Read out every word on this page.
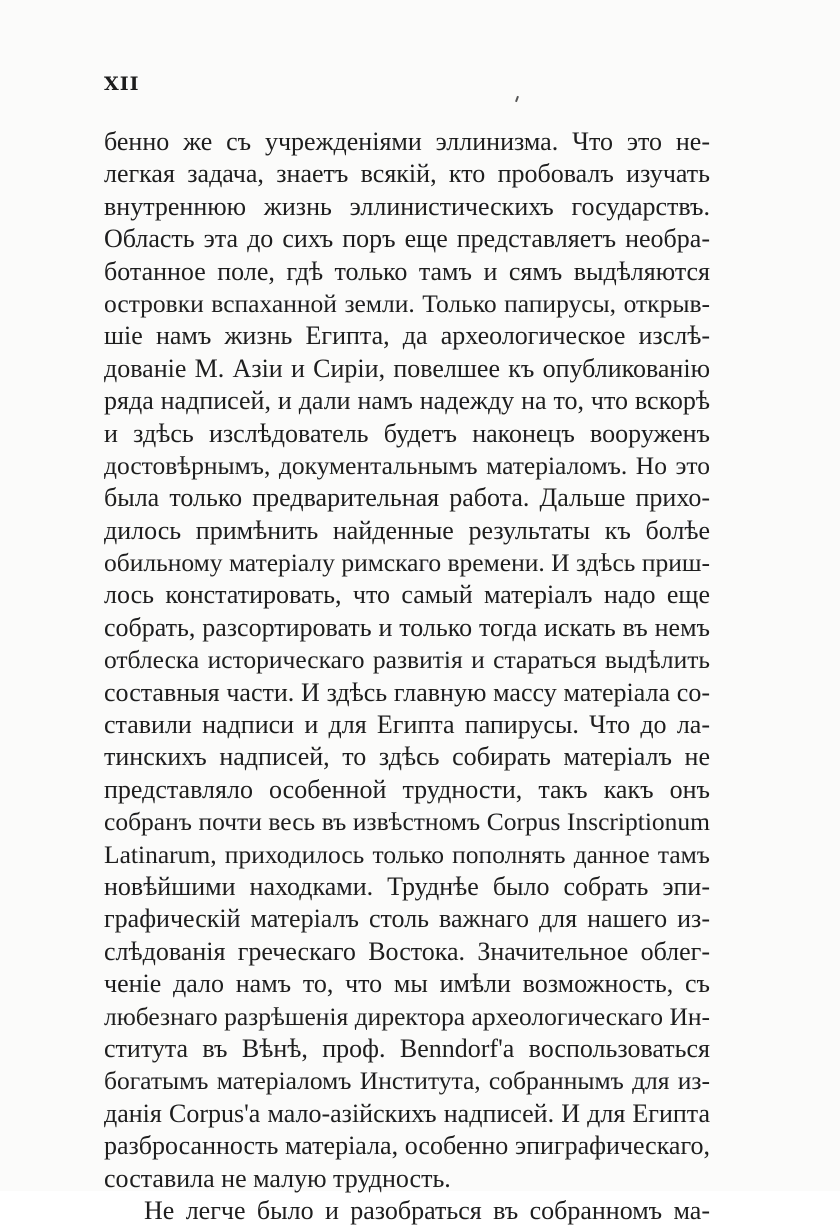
XII
бенно же съ учрежденіями эллинизма. Что это не-
легкая задача, знаетъ всякій, кто пробовалъ изучать
внутреннюю жизнь эллинистическихъ государствъ.
Область эта до сихъ поръ еще представляетъ необра-
ботанное поле, гдѣ только тамъ и сямъ выдѣляются
островки вспаханной земли. Только папирусы, открыв-
шіе намъ жизнь Египта, да археологическое изслѣ-
дованіе М. Азіи и Сиріи, повелшее къ опубликованію
ряда надписей, и дали намъ надежду на то, что вскорѣ
и здѣсь изслѣдователь будетъ наконецъ вооруженъ
достовѣрнымъ, документальнымъ матеріаломъ. Но это
была только предварительная работа. Дальше прихо-
дилось примѣнить найденные результаты къ болѣе
обильному матеріалу римскаго времени. И здѣсь приш-
лось констатировать, что самый матеріалъ надо еще
собрать, разсортировать и только тогда искать въ немъ
отблеска историческаго развитія и стараться выдѣлить
составныя части. И здѣсь главную массу матеріала со-
ставили надписи и для Египта папирусы. Что до ла-
тинскихъ надписей, то здѣсь собирать матеріалъ не
представляло особенной трудности, такъ какъ онъ
собранъ почти весь въ извѣстномъ Corpus Inscriptionum
Latinarum, приходилось только пополнять данное тамъ
новѣйшими находками. Труднѣе было собрать эпи-
графическій матеріалъ столь важнаго для нашего из-
слѣдованія греческаго Востока. Значительное облег-
ченіе дало намъ то, что мы имѣли возможность, съ
любезнаго разрѣшенія директора археологическаго Ин-
ститута въ Вѣнѣ, проф. Benndorf'a воспользоваться
богатымъ матеріаломъ Института, собраннымъ для из-
данія Corpus'a мало-азійскихъ надписей. И для Египта
разбросанность матеріала, особенно эпиграфическаго,
составила не малую трудность.
Не легче было и разобраться въ собранномъ ма-
